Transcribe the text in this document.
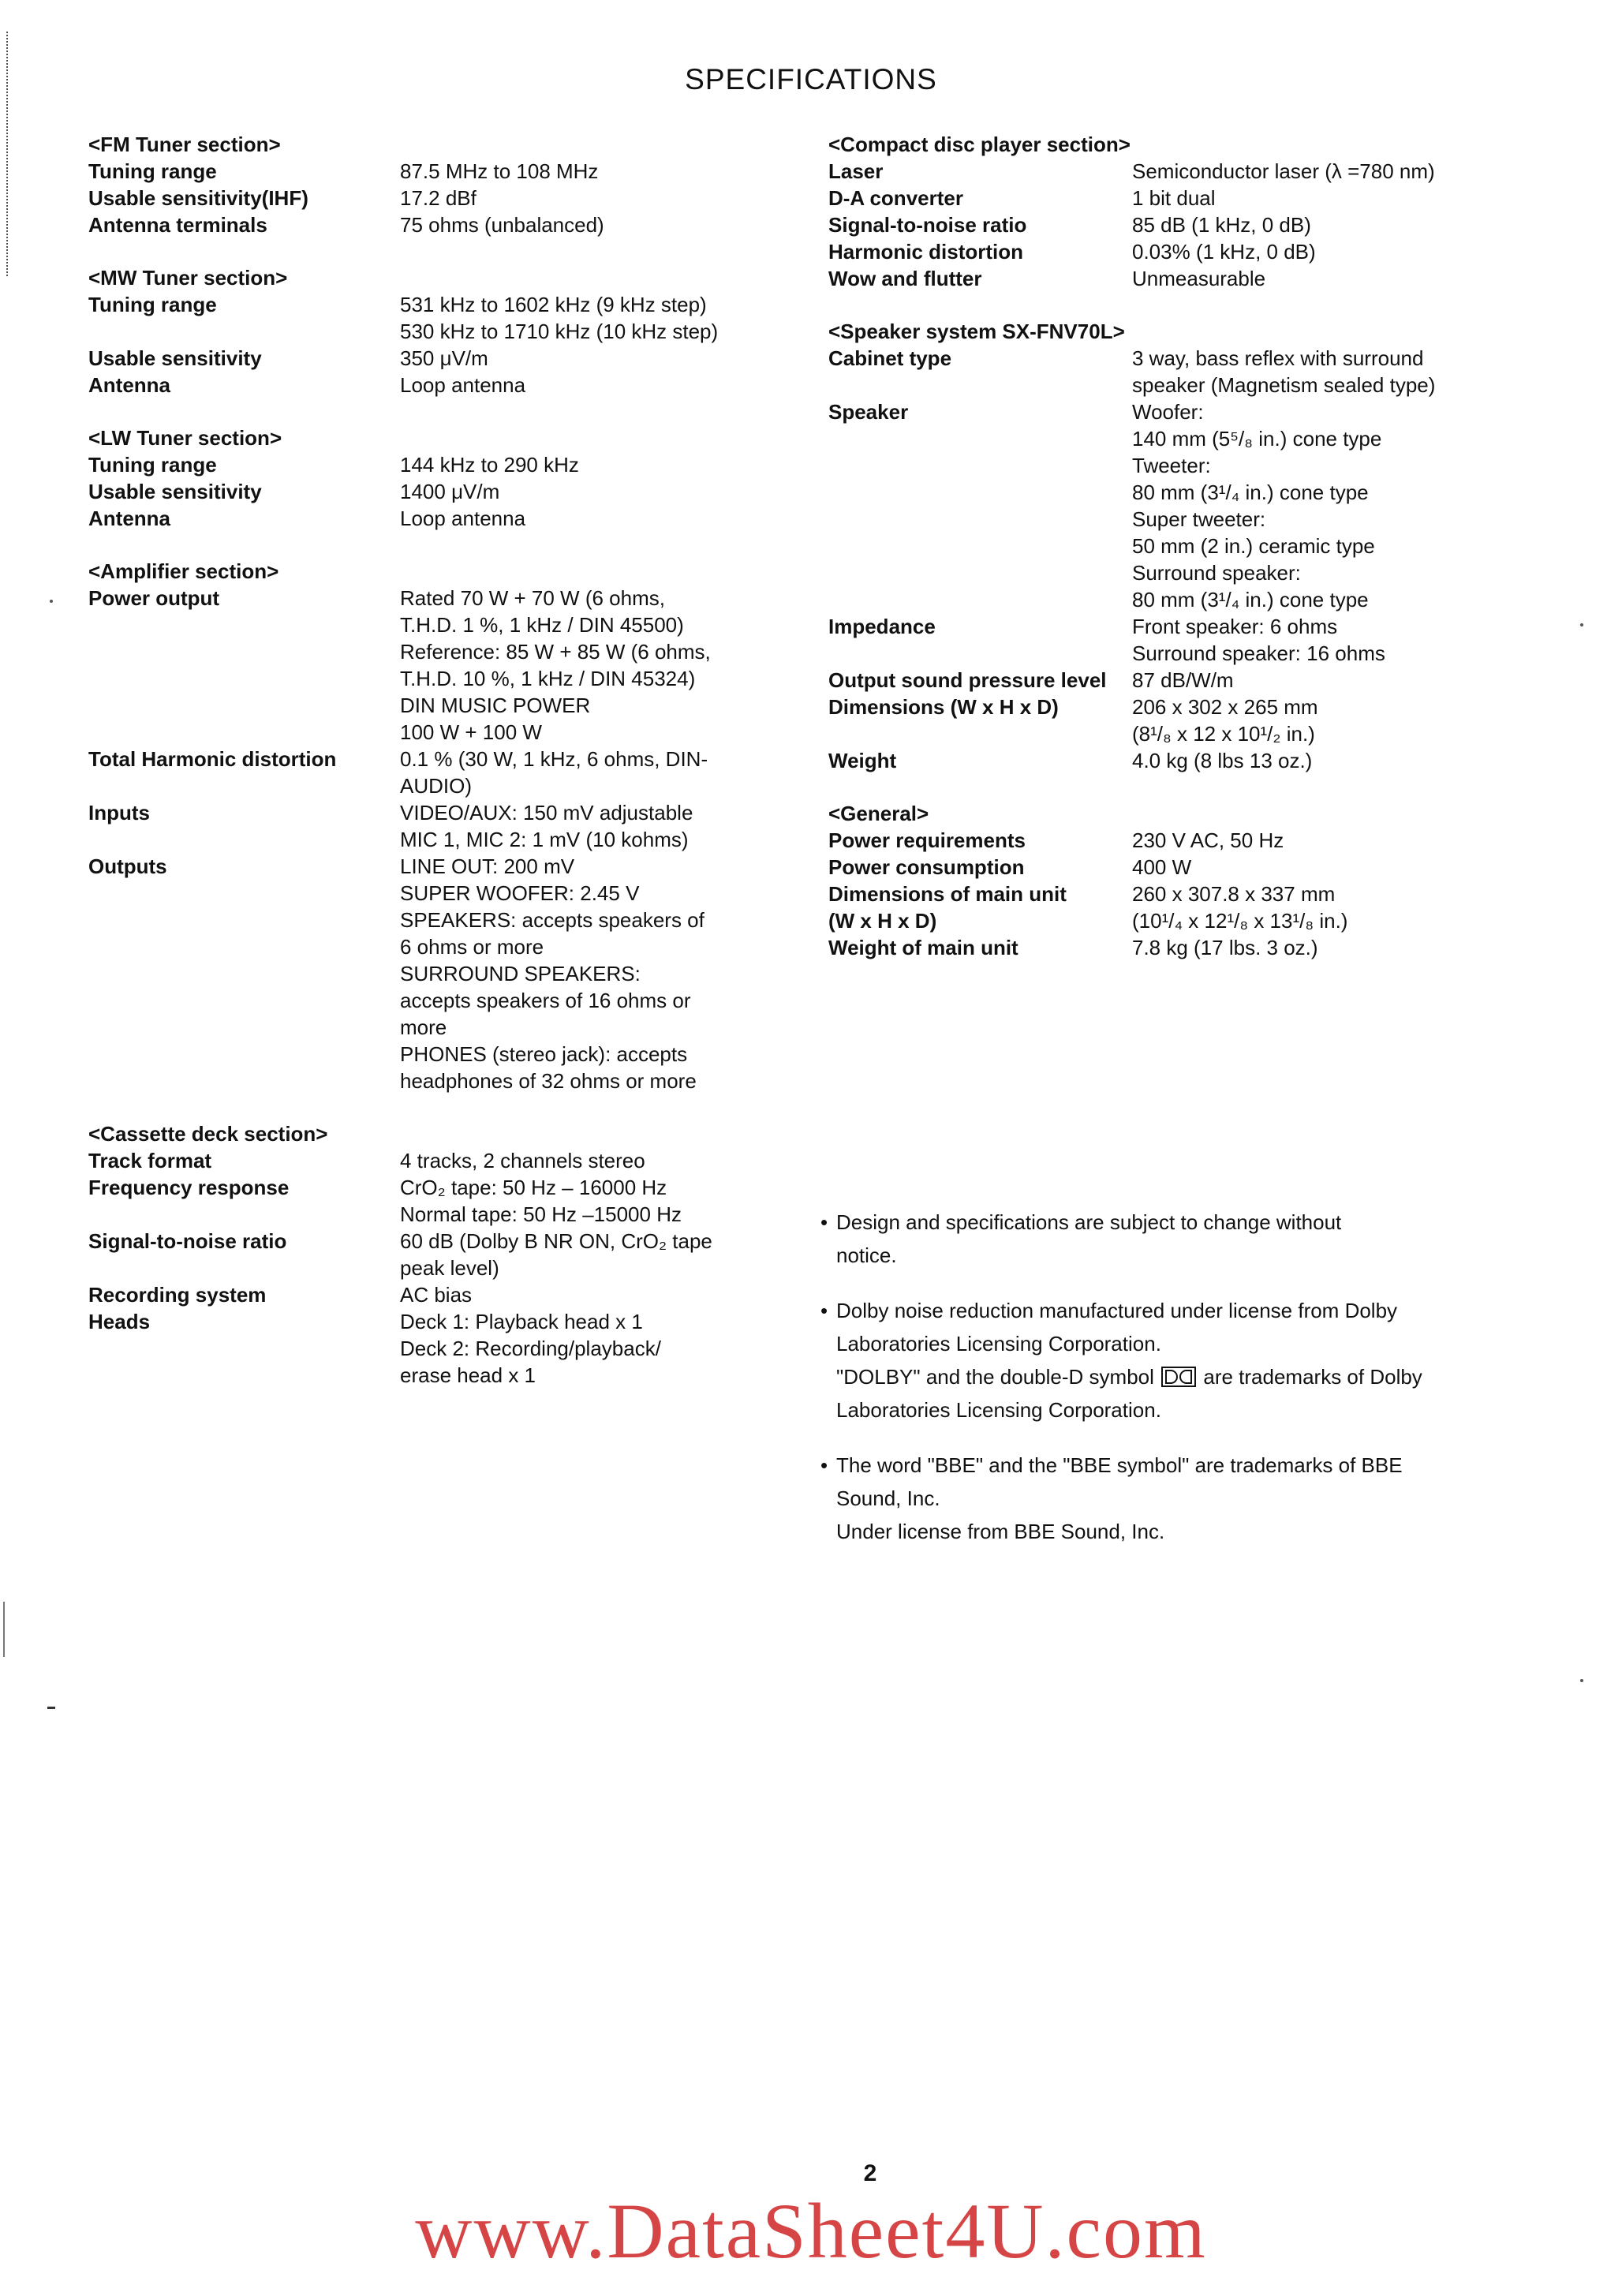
SPECIFICATIONS
<FM Tuner section>
Tuning range	87.5 MHz to 108 MHz
Usable sensitivity(IHF)	17.2 dBf
Antenna terminals	75 ohms (unbalanced)
<MW Tuner section>
Tuning range	531 kHz to 1602 kHz (9 kHz step)
530 kHz to 1710 kHz (10 kHz step)
Usable sensitivity	350 μV/m
Antenna	Loop antenna
<LW Tuner section>
Tuning range	144 kHz to 290 kHz
Usable sensitivity	1400 μV/m
Antenna	Loop antenna
<Amplifier section>
Power output	Rated 70 W + 70 W (6 ohms,
T.H.D. 1 %, 1 kHz / DIN 45500)
Reference: 85 W + 85 W (6 ohms,
T.H.D. 10 %, 1 kHz / DIN 45324)
DIN MUSIC POWER
100 W + 100 W
Total Harmonic distortion	0.1 % (30 W, 1 kHz, 6 ohms, DIN-
AUDIO)
Inputs	VIDEO/AUX: 150 mV adjustable
MIC 1, MIC 2: 1 mV (10 kohms)
Outputs	LINE OUT: 200 mV
SUPER WOOFER: 2.45 V
SPEAKERS: accepts speakers of
6 ohms or more
SURROUND SPEAKERS:
accepts speakers of 16 ohms or
more
PHONES (stereo jack): accepts
headphones of 32 ohms or more
<Cassette deck section>
Track format	4 tracks, 2 channels stereo
Frequency response	CrO₂ tape: 50 Hz – 16000 Hz
Normal tape: 50 Hz –15000 Hz
Signal-to-noise ratio	60 dB (Dolby B NR ON, CrO₂ tape
peak level)
Recording system	AC bias
Heads	Deck 1: Playback head x 1
Deck 2: Recording/playback/
erase head x 1
<Compact disc player section>
Laser	Semiconductor laser (λ =780 nm)
D-A converter	1 bit dual
Signal-to-noise ratio	85 dB (1 kHz, 0 dB)
Harmonic distortion	0.03% (1 kHz, 0 dB)
Wow and flutter	Unmeasurable
<Speaker system SX-FNV70L>
Cabinet type	3 way, bass reflex with surround
speaker (Magnetism sealed type)
Speaker	Woofer:
140 mm (5⁵/₈ in.) cone type
Tweeter:
80 mm (3¹/₄ in.) cone type
Super tweeter:
50 mm (2 in.) ceramic type
Surround speaker:
80 mm (3¹/₄ in.) cone type
Impedance	Front speaker: 6 ohms
Surround speaker: 16 ohms
Output sound pressure level	87 dB/W/m
Dimensions (W x H x D)	206 x 302 x 265 mm
(8¹/₈ x 12 x 10¹/₂ in.)
Weight	4.0 kg (8 lbs 13 oz.)
<General>
Power requirements	230 V AC, 50 Hz
Power consumption	400 W
Dimensions of main unit	260 x 307.8 x 337 mm
(W x H x D)	(10¹/₄ x 12¹/₈ x 13¹/₈ in.)
Weight of main unit	7.8 kg (17 lbs. 3 oz.)
• Design and specifications are subject to change without
notice.
• Dolby noise reduction manufactured under license from Dolby
Laboratories Licensing Corporation.
"DOLBY" and the double-D symbol are trademarks of Dolby
Laboratories Licensing Corporation.
• The word "BBE" and the "BBE symbol" are trademarks of BBE
Sound, Inc.
Under license from BBE Sound, Inc.
2
www.DataSheet4U.com
